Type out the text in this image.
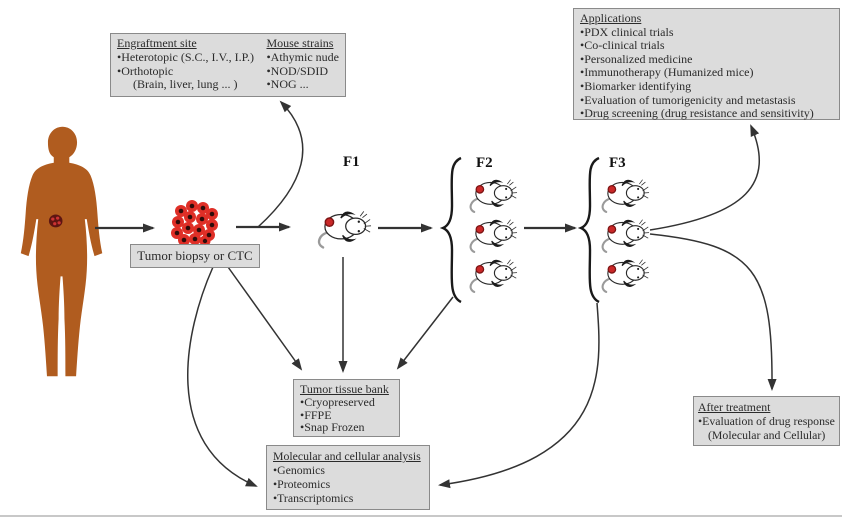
Engraftment site
•Heterotopic (S.C., I.V., I.P.)
•Orthotopic
(Brain, liver, lung ... )
Mouse strains
•Athymic nude
•NOD/SDID
•NOG ...
Applications
•PDX clinical trials
•Co-clinical trials
•Personalized medicine
•Immunotherapy (Humanized mice)
•Biomarker identifying
•Evaluation of tumorigenicity and metastasis
•Drug screening (drug resistance and sensitivity)
Tumor biopsy or CTC
F1	F2	F3
Tumor tissue bank
•Cryopreserved
•FFPE
•Snap Frozen
Molecular and cellular analysis
•Genomics
•Proteomics
•Transcriptomics
After treatment
•Evaluation of drug response
(Molecular and Cellular)
